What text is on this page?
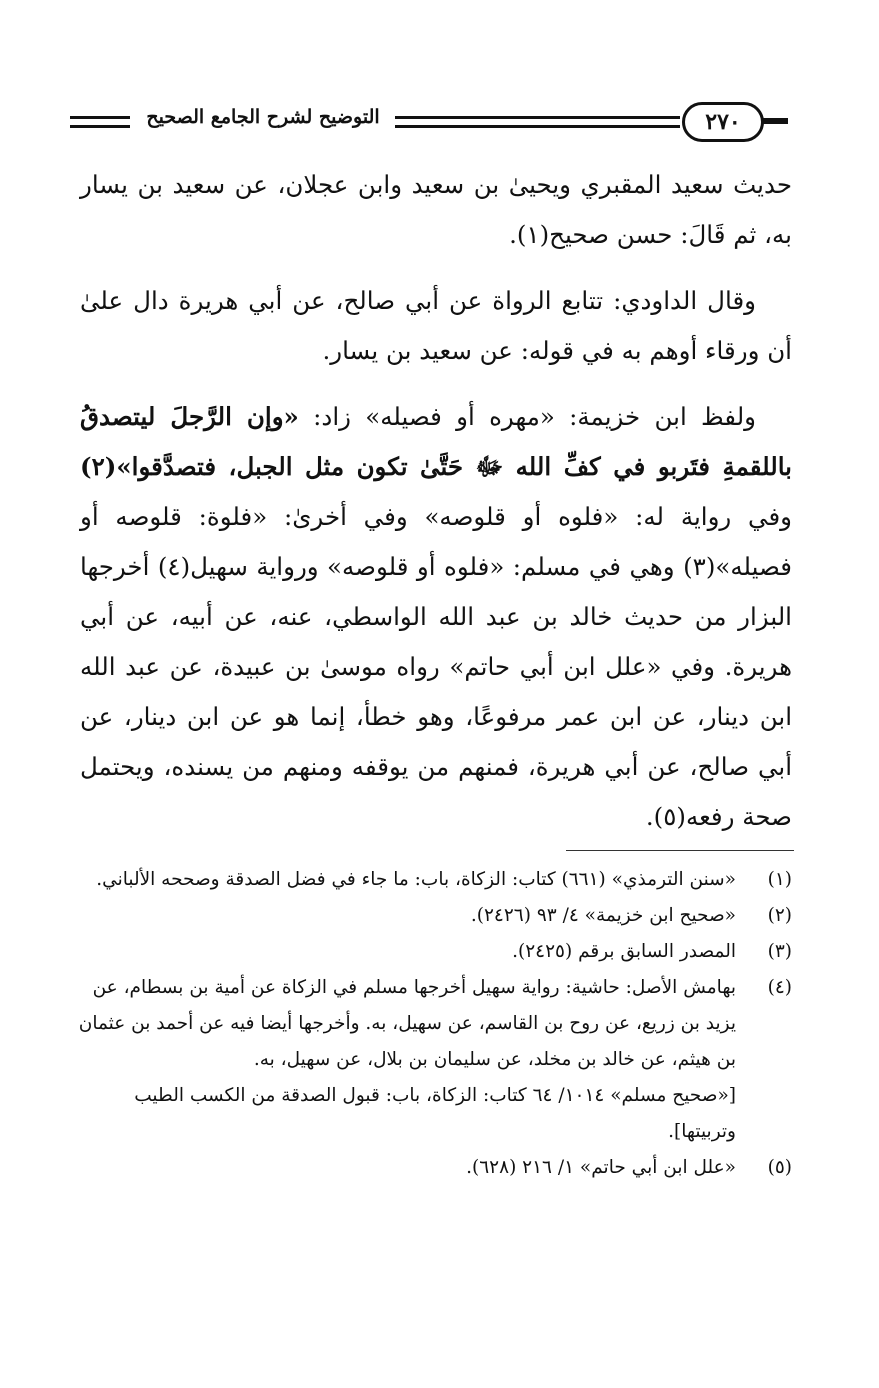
التوضيح لشرح الجامع الصحيح	٢٧٠

حديث سعيد المقبري ويحيىٰ بن سعيد وابن عجلان، عن سعيد بن يسار به، ثم قَالَ: حسن صحيح(١).

وقال الداودي: تتابع الرواة عن أبي صالح، عن أبي هريرة دال علىٰ أن ورقاء أوهم به في قوله: عن سعيد بن يسار.

ولفظ ابن خزيمة: «مهره أو فصيله» زاد: «وإن الرَّجلَ ليتصدقُ باللقمةِ فتَربو في كفِّ الله ﷻ حَتَّىٰ تكون مثل الجبل، فتصدَّقوا»(٢) وفي رواية له: «فلوه أو قلوصه» وفي أخرىٰ: «فلوة: قلوصه أو فصيله»(٣) وهي في مسلم: «فلوه أو قلوصه» ورواية سهيل(٤) أخرجها البزار من حديث خالد بن عبد الله الواسطي، عنه، عن أبيه، عن أبي هريرة. وفي «علل ابن أبي حاتم» رواه موسىٰ بن عبيدة، عن عبد الله ابن دينار، عن ابن عمر مرفوعًا، وهو خطأ، إنما هو عن ابن دينار، عن أبي صالح، عن أبي هريرة، فمنهم من يوقفه ومنهم من يسنده، ويحتمل صحة رفعه(٥).

(١)
«سنن الترمذي» (٦٦١) كتاب: الزكاة، باب: ما جاء في فضل الصدقة وصححه الألباني.

(٢)
«صحيح ابن خزيمة» ٤/ ٩٣ (٢٤٢٦).

(٣)
المصدر السابق برقم (٢٤٢٥).

(٤)
بهامش الأصل: حاشية: رواية سهيل أخرجها مسلم في الزكاة عن أمية بن بسطام، عن يزيد بن زريع، عن روح بن القاسم، عن سهيل، به. وأخرجها أيضا فيه عن أحمد بن عثمان بن هيثم، عن خالد بن مخلد، عن سليمان بن بلال، عن سهيل، به.

[«صحيح مسلم» ١٠١٤/ ٦٤ كتاب: الزكاة، باب: قبول الصدقة من الكسب الطيب وتربيتها].

(٥)
«علل ابن أبي حاتم» ١/ ٢١٦ (٦٢٨).
